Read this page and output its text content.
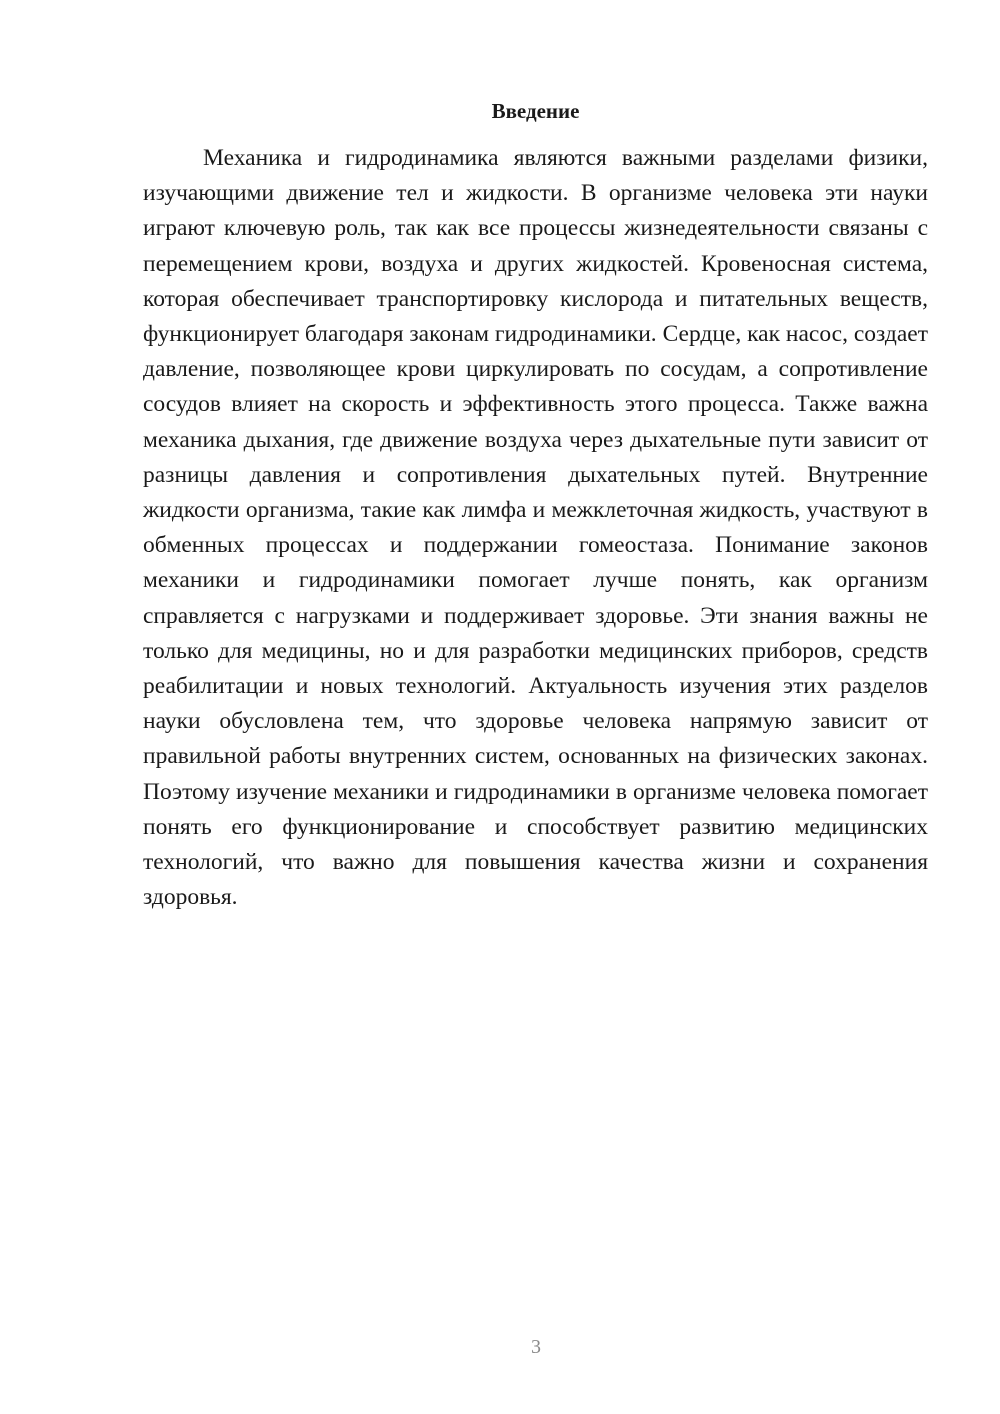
Введение

Механика и гидродинамика являются важными разделами физики, изучающими движение тел и жидкости. В организме человека эти науки играют ключевую роль, так как все процессы жизнедеятельности связаны с перемещением крови, воздуха и других жидкостей. Кровеносная система, которая обеспечивает транспортировку кислорода и питательных веществ, функционирует благодаря законам гидродинамики. Сердце, как насос, создает давление, позволяющее крови циркулировать по сосудам, а сопротивление сосудов влияет на скорость и эффективность этого процесса. Также важна механика дыхания, где движение воздуха через дыхательные пути зависит от разницы давления и сопротивления дыхательных путей. Внутренние жидкости организма, такие как лимфа и межклеточная жидкость, участвуют в обменных процессах и поддержании гомеостаза. Понимание законов механики и гидродинамики помогает лучше понять, как организм справляется с нагрузками и поддерживает здоровье. Эти знания важны не только для медицины, но и для разработки медицинских приборов, средств реабилитации и новых технологий. Актуальность изучения этих разделов науки обусловлена тем, что здоровье человека напрямую зависит от правильной работы внутренних систем, основанных на физических законах. Поэтому изучение механики и гидродинамики в организме человека помогает понять его функционирование и способствует развитию медицинских технологий, что важно для повышения качества жизни и сохранения здоровья.

3
